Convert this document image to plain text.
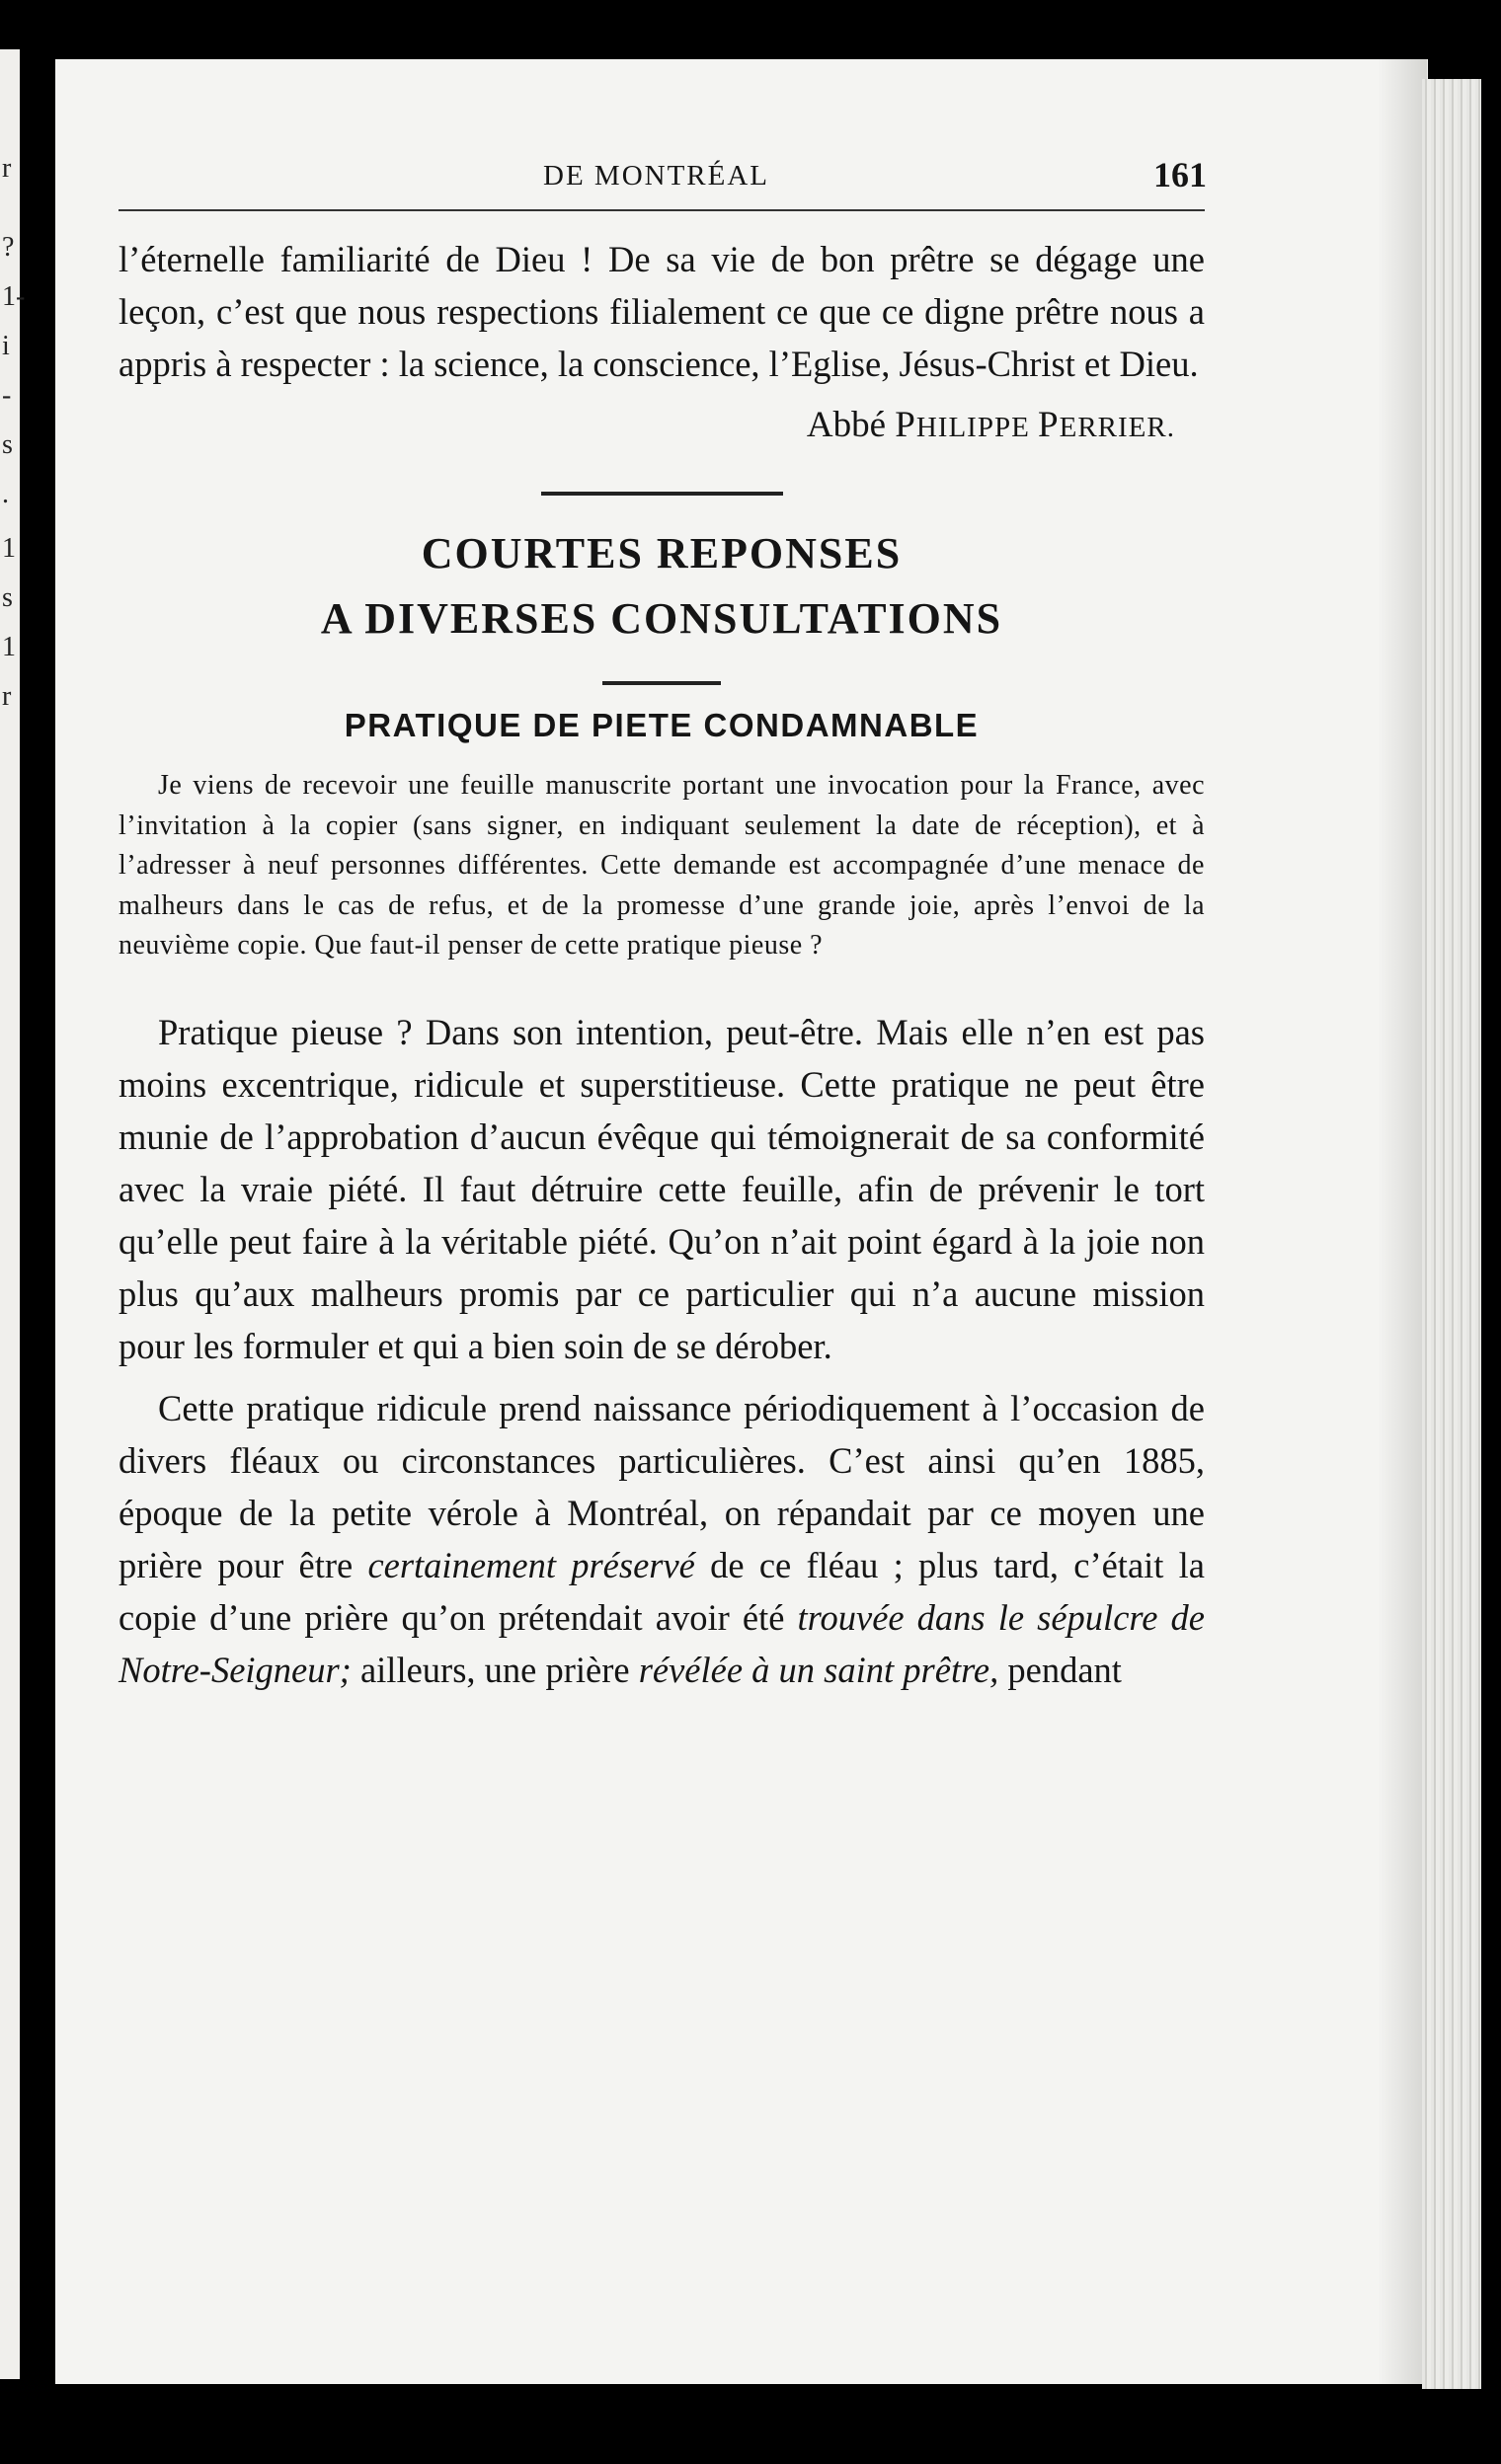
r
?
1-
i
-
s
.
1
s
1
r
DE MONTRÉAL	161

l’éternelle familiarité de Dieu ! De sa vie de bon prêtre se dégage une leçon, c’est que nous respections filialement ce que ce digne prêtre nous a appris à respecter : la science, la conscience, l’Eglise, Jésus-Christ et Dieu.

Abbé PHILIPPE PERRIER.
COURTES REPONSES
A DIVERSES CONSULTATIONS
PRATIQUE DE PIETE CONDAMNABLE

Je viens de recevoir une feuille manuscrite portant une invocation pour la France, avec l’invitation à la copier (sans signer, en indiquant seulement la date de réception), et à l’adresser à neuf personnes différentes. Cette demande est accompagnée d’une menace de malheurs dans le cas de refus, et de la promesse d’une grande joie, après l’envoi de la neuvième copie. Que faut-il penser de cette pratique pieuse ?

Pratique pieuse ? Dans son intention, peut-être. Mais elle n’en est pas moins excentrique, ridicule et superstitieuse. Cette pratique ne peut être munie de l’approbation d’aucun évêque qui témoignerait de sa conformité avec la vraie piété. Il faut détruire cette feuille, afin de prévenir le tort qu’elle peut faire à la véritable piété. Qu’on n’ait point égard à la joie non plus qu’aux malheurs promis par ce particulier qui n’a aucune mission pour les formuler et qui a bien soin de se dérober.

Cette pratique ridicule prend naissance périodiquement à l’occasion de divers fléaux ou circonstances particulières. C’est ainsi qu’en 1885, époque de la petite vérole à Montréal, on répandait par ce moyen une prière pour être certainement préservé de ce fléau ; plus tard, c’était la copie d’une prière qu’on prétendait avoir été trouvée dans le sépulcre de Notre-Seigneur; ailleurs, une prière révélée à un saint prêtre, pendant
